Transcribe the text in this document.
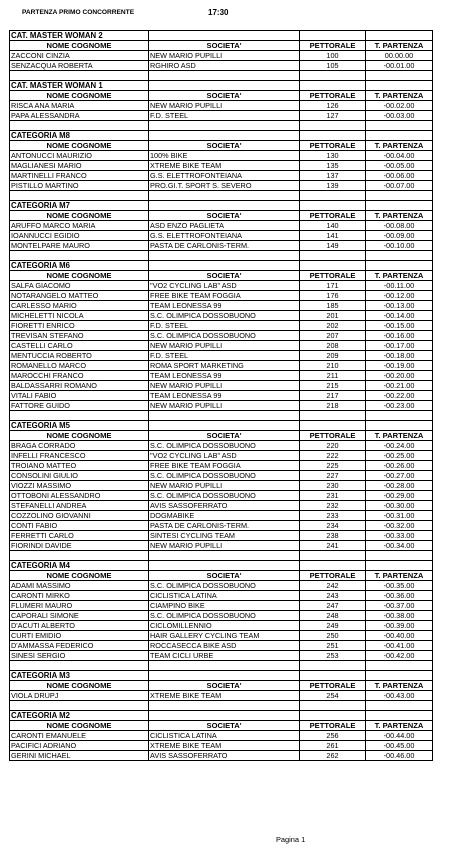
PARTENZA PRIMO CONCORRENTE	17:30
CAT. MASTER WOMAN 2			
NOME COGNOME	SOCIETA'	PETTORALE	T. PARTENZA
ZACCONI CINZIA	NEW MARIO PUPILLI	100	00.00.00
SENZACQUA ROBERTA	RGHIRO ASD	105	-00.01.00

CAT. MASTER WOMAN 1			
NOME COGNOME	SOCIETA'	PETTORALE	T. PARTENZA
RISCA ANA MARIA	NEW MARIO PUPILLI	126	-00.02.00
PAPA ALESSANDRA	F.D. STEEL	127	-00.03.00

CATEGORIA M8			
NOME COGNOME	SOCIETA'	PETTORALE	T. PARTENZA
ANTONUCCI MAURIZIO	100% BIKE	130	-00.04.00
MAGLIANESI MARIO	XTREME BIKE TEAM	135	-00.05.00
MARTINELLI FRANCO	G.S. ELETTROFONTEIANA	137	-00.06.00
PISTILLO MARTINO	PRO.GI.T. SPORT S. SEVERO	139	-00.07.00

CATEGORIA M7			
NOME COGNOME	SOCIETA'	PETTORALE	T. PARTENZA
ARUFFO MARCO MARIA	ASD ENZO PAGLIETA	140	-00.08.00
IOANNUCCI EGIDIO	G.S. ELETTROFONTEIANA	141	-00.09.00
MONTELPARE MAURO	PASTA DE CARLONIS-TERM.	149	-00.10.00

CATEGORIA M6			
NOME COGNOME	SOCIETA'	PETTORALE	T. PARTENZA
SALFA GIACOMO	"VO2 CYCLING LAB" ASD	171	-00.11.00
NOTARANGELO MATTEO	FREE BIKE TEAM FOGGIA	176	-00.12.00
CARLESSO MARIO	TEAM LEONESSA 99	185	-00.13.00
MICHELETTI NICOLA	S.C. OLIMPICA DOSSOBUONO	201	-00.14.00
FIORETTI ENRICO	F.D. STEEL	202	-00.15.00
TREVISAN STEFANO	S.C. OLIMPICA DOSSOBUONO	207	-00.16.00
CASTELLI CARLO	NEW MARIO PUPILLI	208	-00.17.00
MENTUCCIA ROBERTO	F.D. STEEL	209	-00.18.00
ROMANELLO MARCO	ROMA SPORT MARKETING	210	-00.19.00
MAROCCHI FRANCO	TEAM LEONESSA 99	211	-00.20.00
BALDASSARRI ROMANO	NEW MARIO PUPILLI	215	-00.21.00
VITALI FABIO	TEAM LEONESSA 99	217	-00.22.00
FATTORE GUIDO	NEW MARIO PUPILLI	218	-00.23.00

CATEGORIA M5			
NOME COGNOME	SOCIETA'	PETTORALE	T. PARTENZA
BRAGA CORRADO	S.C. OLIMPICA DOSSOBUONO	220	-00.24.00
INFELLI FRANCESCO	"VO2 CYCLING LAB" ASD	222	-00.25.00
TROIANO MATTEO	FREE BIKE TEAM FOGGIA	225	-00.26.00
CONSOLINI GIULIO	S.C. OLIMPICA DOSSOBUONO	227	-00.27.00
VIOZZI MASSIMO	NEW MARIO PUPILLI	230	-00.28.00
OTTOBONI ALESSANDRO	S.C. OLIMPICA DOSSOBUONO	231	-00.29.00
STEFANELLI ANDREA	AVIS SASSOFERRATO	232	-00.30.00
COZZOLINO GIOVANNI	DOGMABIKE	233	-00.31.00
CONTI FABIO	PASTA DE CARLONIS-TERM.	234	-00.32.00
FERRETTI CARLO	SINTESI CYCLING TEAM	238	-00.33.00
FIORINDI DAVIDE	NEW MARIO PUPILLI	241	-00.34.00

CATEGORIA M4			
NOME COGNOME	SOCIETA'	PETTORALE	T. PARTENZA
ADAMI MASSIMO	S.C. OLIMPICA DOSSOBUONO	242	-00.35.00
CARONTI MIRKO	CICLISTICA LATINA	243	-00.36.00
FLUMERI MAURO	CIAMPINO BIKE	247	-00.37.00
CAPORALI SIMONE	S.C. OLIMPICA DOSSOBUONO	248	-00.38.00
D'ACUTI ALBERTO	CICLOMILLENNIO	249	-00.39.00
CURTI EMIDIO	HAIR GALLERY CYCLING TEAM	250	-00.40.00
D'AMMASSA FEDERICO	ROCCASECCA BIKE ASD	251	-00.41.00
SINESI SERGIO	TEAM CICLI URBE	253	-00.42.00

CATEGORIA M3			
NOME COGNOME	SOCIETA'	PETTORALE	T. PARTENZA
VIOLA DRUPJ	XTREME BIKE TEAM	254	-00.43.00

CATEGORIA M2			
NOME COGNOME	SOCIETA'	PETTORALE	T. PARTENZA
CARONTI EMANUELE	CICLISTICA LATINA	256	-00.44.00
PACIFICI ADRIANO	XTREME BIKE TEAM	261	-00.45.00
GERINI MICHAEL	AVIS SASSOFERRATO	262	-00.46.00
Pagina 1
